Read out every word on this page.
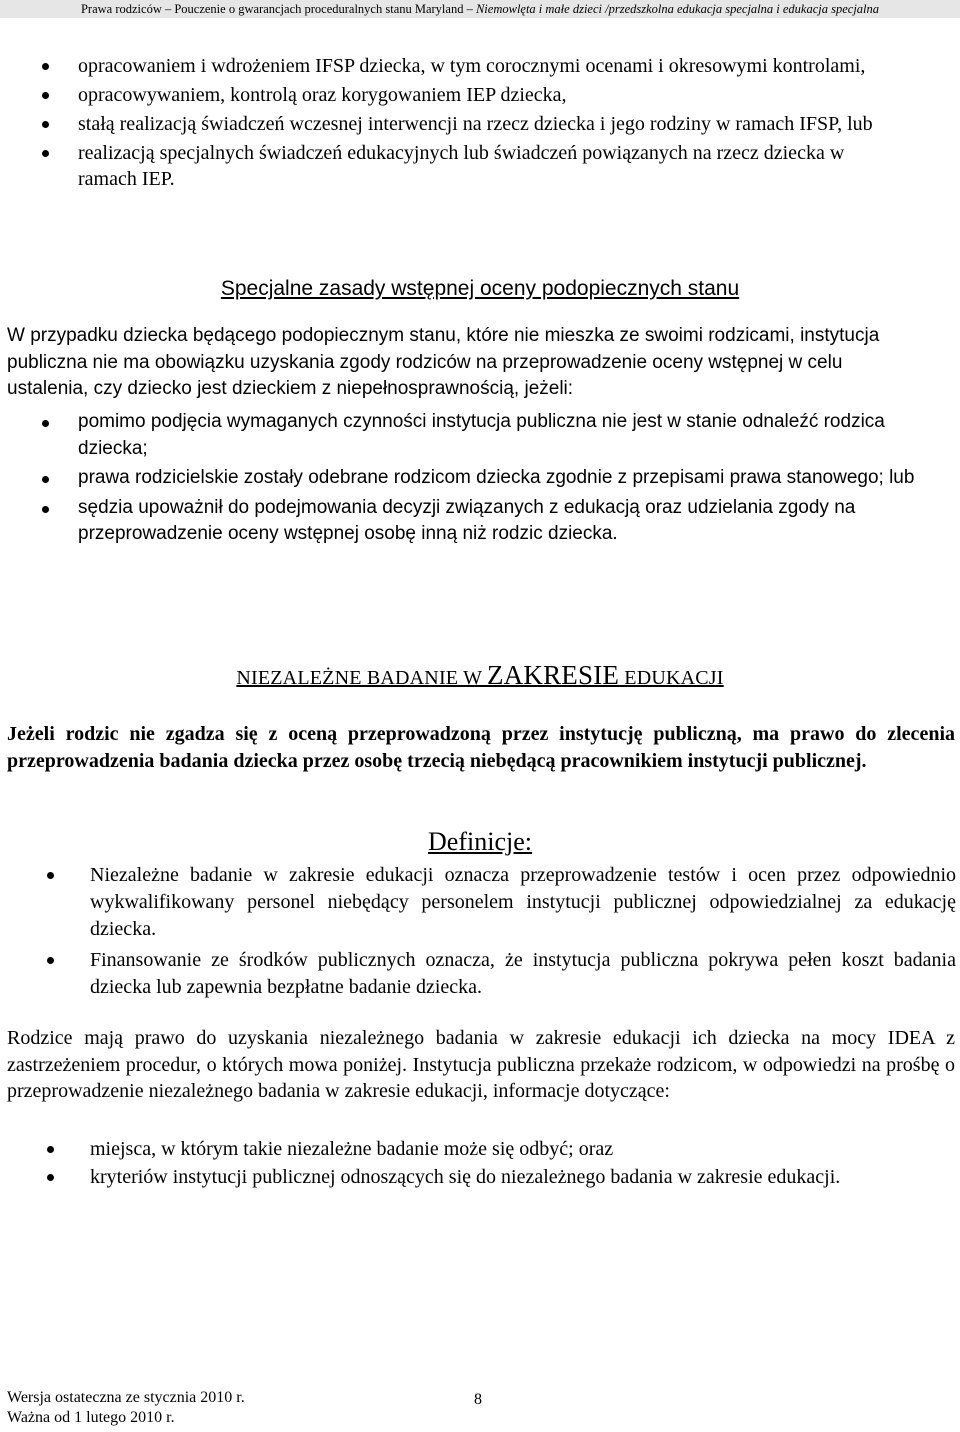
Prawa rodziców – Pouczenie o gwarancjach proceduralnych stanu Maryland – Niemowlęta i małe dzieci /przedszkolna edukacja specjalna i edukacja specjalna
opracowaniem i wdrożeniem IFSP dziecka, w tym corocznymi ocenami i okresowymi kontrolami,
opracowywaniem, kontrolą oraz korygowaniem IEP dziecka,
stałą realizacją świadczeń wczesnej interwencji na rzecz dziecka i jego rodziny w ramach IFSP, lub
realizacją specjalnych świadczeń edukacyjnych lub świadczeń powiązanych na rzecz dziecka w ramach IEP.
Specjalne zasady wstępnej oceny podopiecznych stanu

W przypadku dziecka będącego podopiecznym stanu, które nie mieszka ze swoimi rodzicami, instytucja publiczna nie ma obowiązku uzyskania zgody rodziców na przeprowadzenie oceny wstępnej w celu ustalenia, czy dziecko jest dzieckiem z niepełnosprawnością, jeżeli:

pomimo podjęcia wymaganych czynności instytucja publiczna nie jest w stanie odnaleźć rodzica dziecka;
prawa rodzicielskie zostały odebrane rodzicom dziecka zgodnie z przepisami prawa stanowego; lub
sędzia upoważnił do podejmowania decyzji związanych z edukacją oraz udzielania zgody na przeprowadzenie oceny wstępnej osobę inną niż rodzic dziecka.
NIEZALEŻNE BADANIE W ZAKRESIE EDUKACJI

Jeżeli rodzic nie zgadza się z oceną przeprowadzoną przez instytucję publiczną, ma prawo do zlecenia przeprowadzenia badania dziecka przez osobę trzecią niebędącą pracownikiem instytucji publicznej.

Definicje:
Niezależne badanie w zakresie edukacji oznacza przeprowadzenie testów i ocen przez odpowiednio wykwalifikowany personel niebędący personelem instytucji publicznej odpowiedzialnej za edukację dziecka.
Finansowanie ze środków publicznych oznacza, że instytucja publiczna pokrywa pełen koszt badania dziecka lub zapewnia bezpłatne badanie dziecka.

Rodzice mają prawo do uzyskania niezależnego badania w zakresie edukacji ich dziecka na mocy IDEA z zastrzeżeniem procedur, o których mowa poniżej. Instytucja publiczna przekaże rodzicom, w odpowiedzi na prośbę o przeprowadzenie niezależnego badania w zakresie edukacji, informacje dotyczące:

miejsca, w którym takie niezależne badanie może się odbyć; oraz
kryteriów instytucji publicznej odnoszących się do niezależnego badania w zakresie edukacji.
Wersja ostateczna ze stycznia 2010 r.
Ważna od 1 lutego 2010 r.
8
